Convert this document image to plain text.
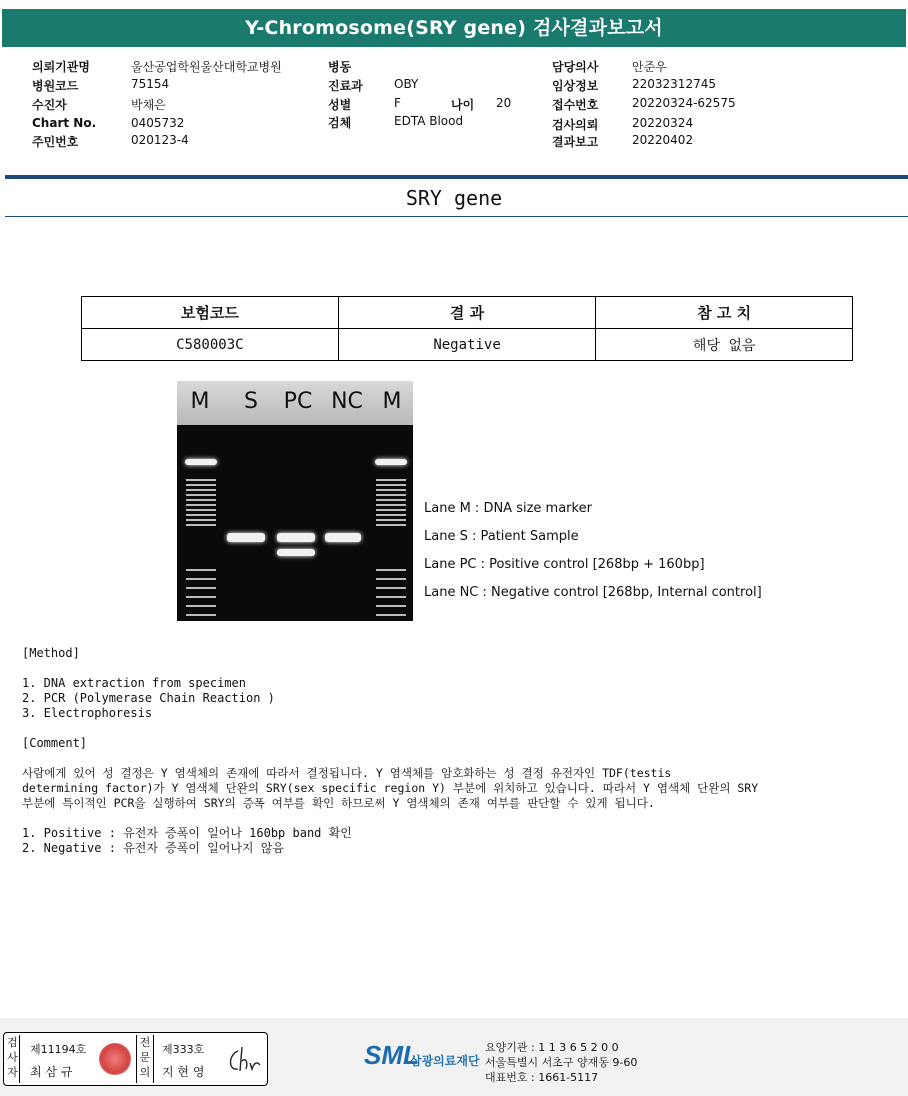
Y-Chromosome(SRY gene) 검사결과보고서
의뢰기관명	울산공업학원울산대학교병원
병원코드	75154
수진자	박채은
Chart No.	0405732
주민번호	020123-4
병동
진료과	OBY
성별	F	나이 20
검체	EDTA Blood
담당의사	안준우
임상정보	22032312745
접수번호	20220324-62575
검사의뢰	20220324
결과보고	20220402
SRY gene
보험코드	결 과	참 고 치
C580003C	Negative	해당 없음
M	S	PC NC M
Lane M : DNA size marker
Lane S : Patient Sample
Lane PC : Positive control [268bp + 160bp]
Lane NC : Negative control [268bp, Internal control]
[Method]
1. DNA extraction from specimen
2. PCR (Polymerase Chain Reaction )
3. Electrophoresis
[Comment]
사람에게 있어 성 결정은 Y 염색체의 존재에 따라서 결정됩니다. Y 염색체를 암호화하는 성 결정 유전자인 TDF(testis
determining factor)가 Y 염색체 단완의 SRY(sex specific region Y) 부분에 위치하고 있습니다. 따라서 Y 염색체 단완의 SRY
부분에 특이적인 PCR을 실행하여 SRY의 증폭 여부를 확인 하므로써 Y 염색체의 존재 여부를 판단할 수 있게 됩니다.
1. Positive : 유전자 증폭이 일어나 160bp band 확인
2. Negative : 유전자 증폭이 일어나지 않음
검
사
자
제11194호
최 삼 규
전
문
의
제333호
지 현 영
SML
삼광의료재단
요양기관 : 1 1 3 6 5 2 0 0
서울특별시 서초구 양재동 9-60
대표번호 : 1661-5117
